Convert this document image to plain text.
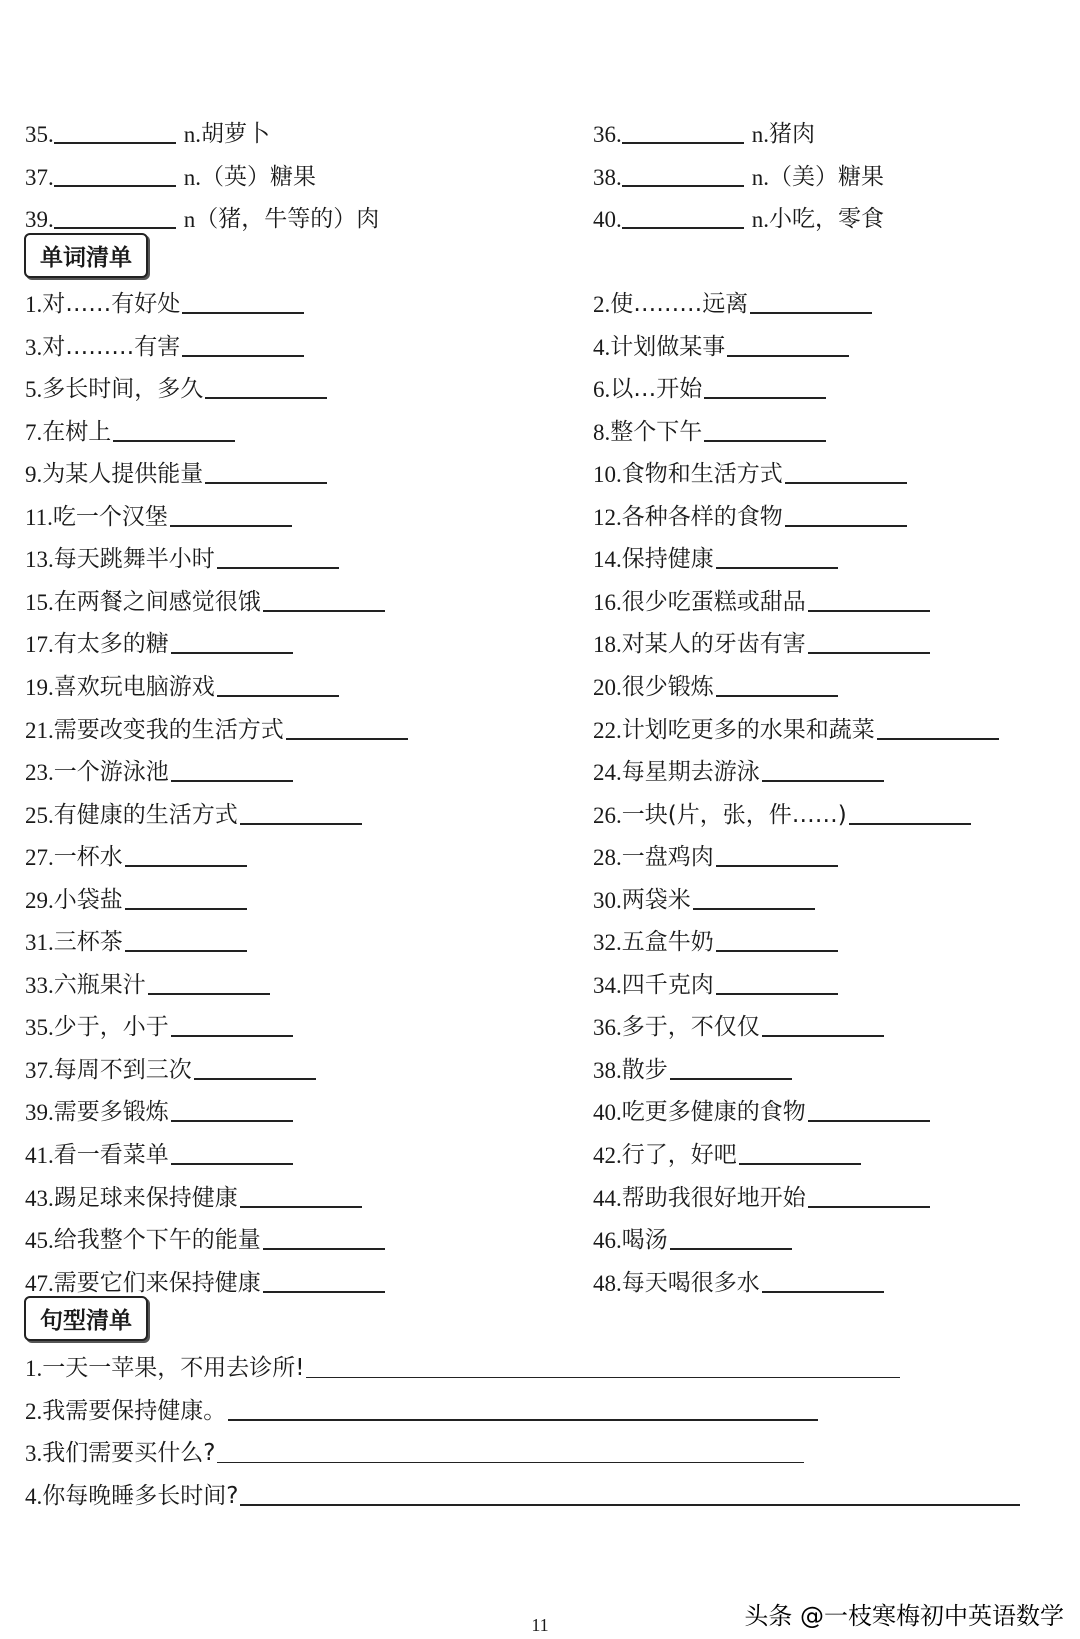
35.	n. 胡萝卜	36.	n. 猪肉
37.	n. （英）糖果	38.	n. （美）糖果
39.	n （猪，牛等的）肉	40.	n. 小吃，零食
单词清单
1. 对……有好处	2. 使………远离
3. 对………有害	4. 计划做某事
5. 多长时间，多久	6. 以…开始
7. 在树上	8. 整个下午
9. 为某人提供能量	10. 食物和生活方式
11. 吃一个汉堡	12. 各种各样的食物
13. 每天跳舞半小时	14. 保持健康
15. 在两餐之间感觉很饿	16. 很少吃蛋糕或甜品
17. 有太多的糖	18. 对某人的牙齿有害
19. 喜欢玩电脑游戏	20. 很少锻炼
21. 需要改变我的生活方式	22. 计划吃更多的水果和蔬菜
23. 一个游泳池	24. 每星期去游泳
25. 有健康的生活方式	26. 一块(片，张，件……)
27. 一杯水	28. 一盘鸡肉
29. 小袋盐	30. 两袋米
31. 三杯茶	32. 五盒牛奶
33. 六瓶果汁	34. 四千克肉
35. 少于，小于	36. 多于，不仅仅
37. 每周不到三次	38. 散步
39. 需要多锻炼	40. 吃更多健康的食物
41. 看一看菜单	42. 行了，好吧
43. 踢足球来保持健康	44. 帮助我很好地开始
45. 给我整个下午的能量	46. 喝汤
47. 需要它们来保持健康	48. 每天喝很多水
句型清单
1. 一天一苹果，不用去诊所!
2. 我需要保持健康。
3. 我们需要买什么?
4. 你每晚睡多长时间?
11	头条 @一枝寒梅初中英语数学
